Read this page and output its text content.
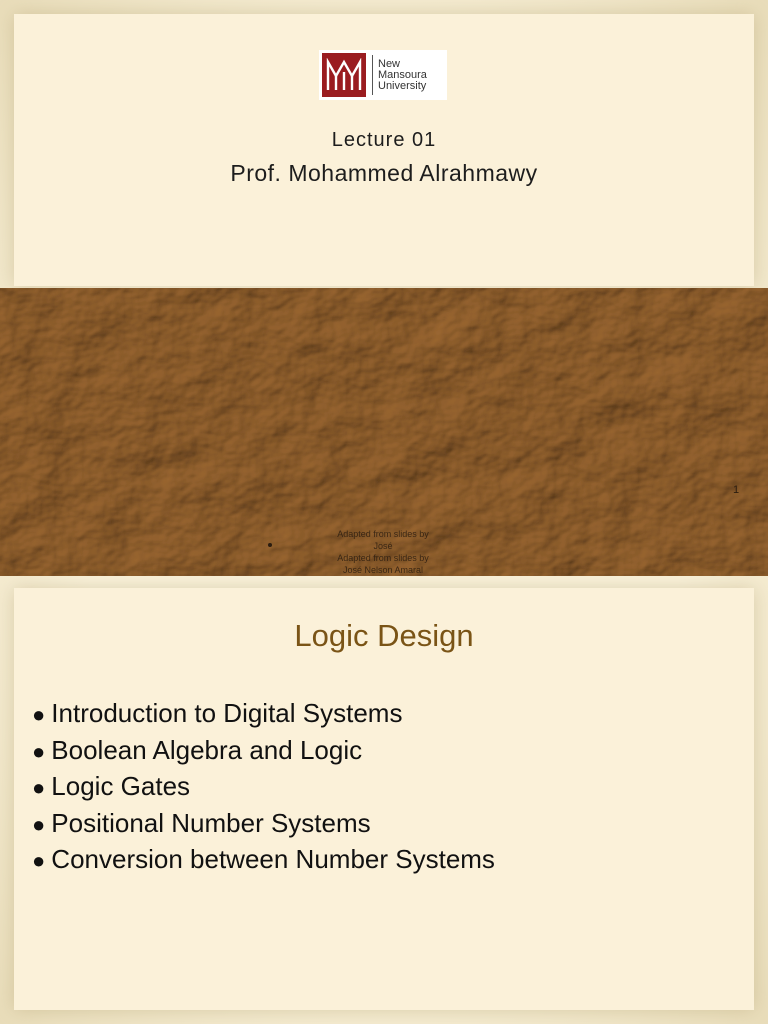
New
Mansoura
University
Lecture 01
Prof. Mohammed Alrahmawy
1
Adapted from slides by
José
Adapted from slides by
José Nelson Amaral
Logic Design
● Introduction to Digital Systems
● Boolean Algebra and Logic
● Logic Gates
● Positional Number Systems
● Conversion between Number Systems
